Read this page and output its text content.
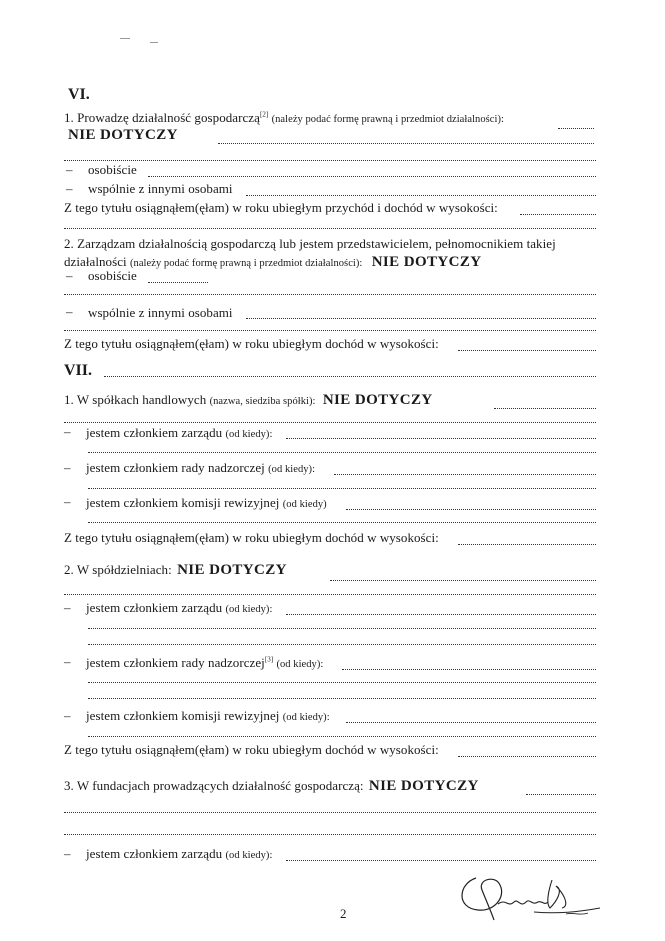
VI.
1. Prowadzę działalność gospodarczą[2] (należy podać formę prawną i przedmiot działalności):
NIE DOTYCZY
– osobiście
– wspólnie z innymi osobami
Z tego tytułu osiągnąłem(ęłam) w roku ubiegłym przychód i dochód w wysokości:
2. Zarządzam działalnością gospodarczą lub jestem przedstawicielem, pełnomocnikiem takiej
działalności (należy podać formę prawną i przedmiot działalności): NIE DOTYCZY
– osobiście
– wspólnie z innymi osobami
Z tego tytułu osiągnąłem(ęłam) w roku ubiegłym dochód w wysokości:
VII.
1. W spółkach handlowych (nazwa, siedziba spółki): NIE DOTYCZY
– jestem członkiem zarządu (od kiedy):
– jestem członkiem rady nadzorczej (od kiedy):
– jestem członkiem komisji rewizyjnej (od kiedy)
Z tego tytułu osiągnąłem(ęłam) w roku ubiegłym dochód w wysokości:
2. W spółdzielniach: NIE DOTYCZY
– jestem członkiem zarządu (od kiedy):
– jestem członkiem rady nadzorczej[3] (od kiedy):
– jestem członkiem komisji rewizyjnej (od kiedy):
Z tego tytułu osiągnąłem(ęłam) w roku ubiegłym dochód w wysokości:
3. W fundacjach prowadzących działalność gospodarczą: NIE DOTYCZY
– jestem członkiem zarządu (od kiedy):
2
